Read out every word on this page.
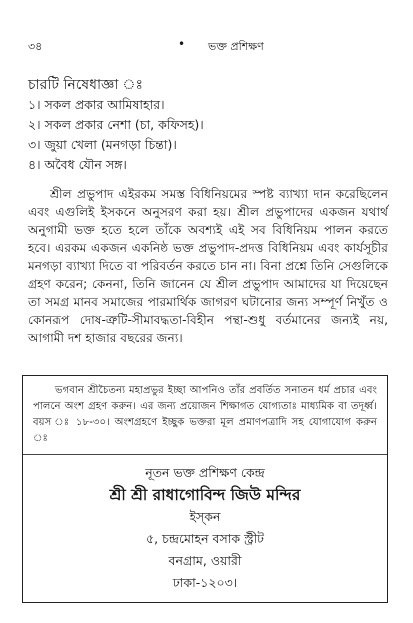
৩৪	• ভক্ত প্রশিক্ষণ
চারটি নিষেধাজ্ঞা ঃ
১। সকল প্রকার আমিষাহার।
২। সকল প্রকার নেশা (চা, কফিসহ)।
৩। জুয়া খেলা (মনগড়া চিন্তা)।
৪। অবৈধ যৌন সঙ্গ।

শ্রীল প্রভুপাদ এইরকম সমস্ত বিধিনিয়মের স্পষ্ট ব্যাখ্যা দান করেছিলেন এবং এগুলিই ইসকনে অনুসরণ করা হয়। শ্রীল প্রভুপাদের একজন যথার্থ অনুগামী ভক্ত হতে হলে তাঁকে অবশ্যই এই সব বিধিনিয়ম পালন করতে হবে। এরকম একজন একনিষ্ঠ ভক্ত প্রভুপাদ-প্রদত্ত বিধিনিয়ম এবং কার্যসূচীর মনগড়া ব্যাখ্যা দিতে বা পরিবর্তন করতে চান না। বিনা প্রশ্নে তিনি সেগুলিকে গ্রহণ করেন; কেননা, তিনি জানেন যে শ্রীল প্রভুপাদ আমাদের যা দিয়েছেন তা সমগ্র মানব সমাজের পারমার্থিক জাগরণ ঘটানোর জন্য সম্পূর্ণ নিখুঁত ও কোনরূপ দোষ-ত্রুটি-সীমাবদ্ধতা-বিহীন পন্থা-শুধু বর্তমানের জন্যই নয়, আগামী দশ হাজার বছরের জন্য।

ভগবান শ্রীচৈতন্য মহাপ্রভুর ইচ্ছা আপনিও তাঁর প্রবর্তিত সনাতন ধর্ম প্রচার এবং পালনে অংশ গ্রহণ করুন। এর জন্য প্রয়োজন শিক্ষাগত যোগ্যতাঃ মাধ্যমিক বা তদূর্ধ্ব। বয়স ঃ ১৮-৩০। অংশগ্রহণে ইচ্ছুক ভক্তরা মূল প্রমাণপত্রাদি সহ যোগাযোগ করুন ঃ

নূতন ভক্ত প্রশিক্ষণ কেন্দ্র
শ্রী শ্রী রাধাগোবিন্দ জিউ মন্দির
ইস্‌কন
৫, চন্দ্রমোহন বসাক স্ট্রীট
বনগ্রাম, ওয়ারী
ঢাকা-১২০৩।
